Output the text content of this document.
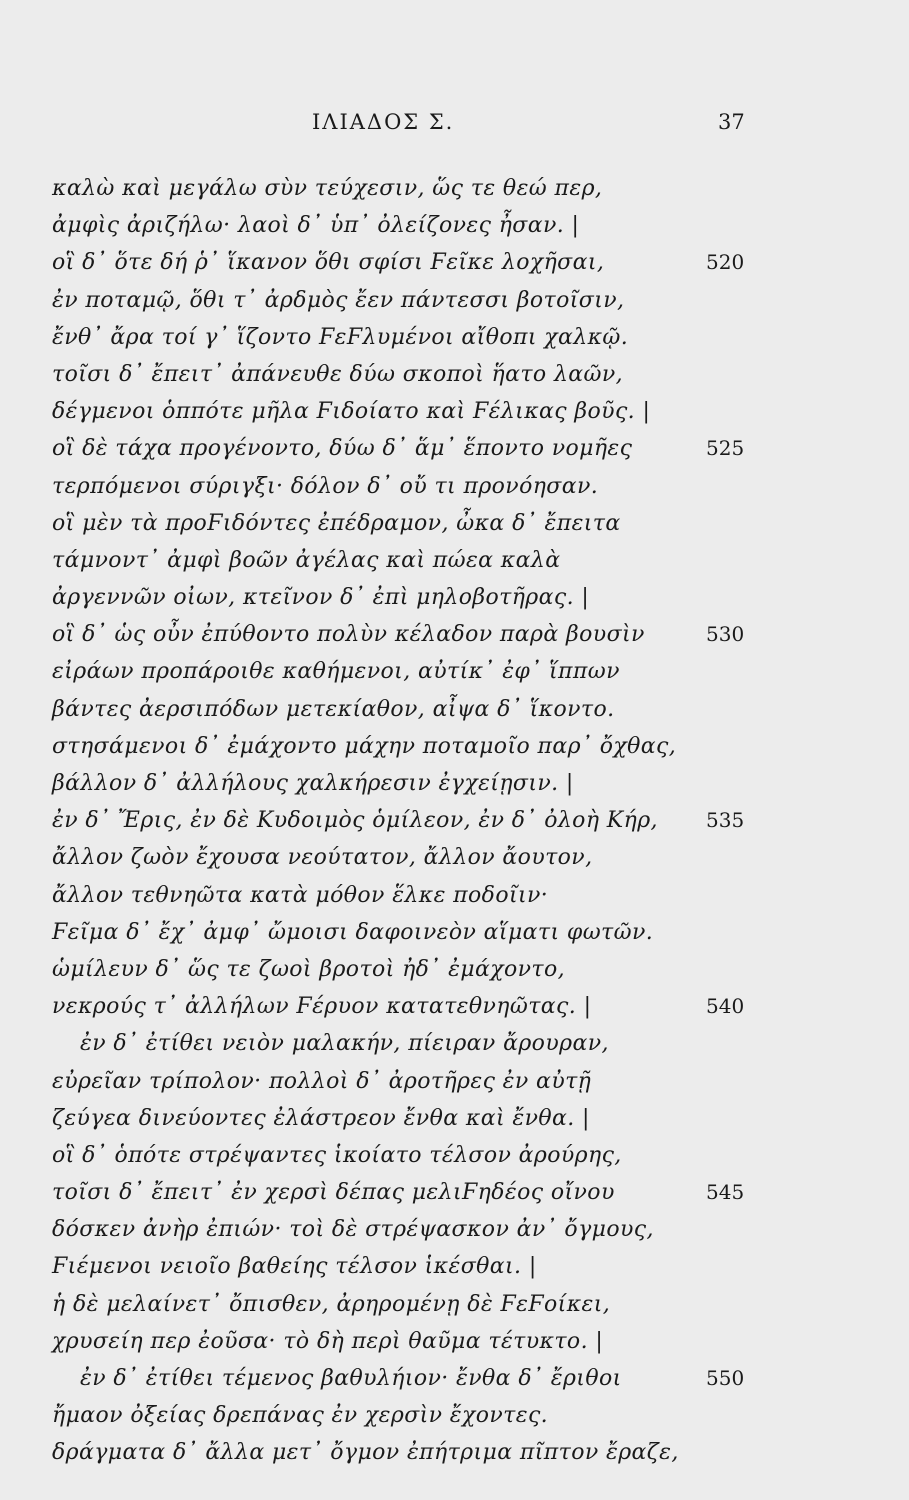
ΙΛΙΑΔΟΣ Σ.	37
καλὼ καὶ μεγάλω σὺν τεύχεσιν, ὥς τε θεώ περ,
ἀμφὶς ἀριζήλω· λαοὶ δ᾽ ὑπ᾽ ὀλείζονες ἦσαν. |
οἳ δ᾽ ὅτε δή ῥ᾽ ἵκανον ὅθι σφίσι Ϝεῖκε λοχῆσαι,	520
ἐν ποταμῷ, ὅθι τ᾽ ἀρδμὸς ἔεν πάντεσσι βοτοῖσιν,
ἔνθ᾽ ἄρα τοί γ᾽ ἵζοντο ϜεϜλυμένοι αἴθοπι χαλκῷ.
τοῖσι δ᾽ ἔπειτ᾽ ἀπάνευθε δύω σκοποὶ ἥατο λαῶν,
δέγμενοι ὁππότε μῆλα Ϝιδοίατο καὶ Ϝέλικας βοῦς. |
οἳ δὲ τάχα προγένοντο, δύω δ᾽ ἅμ᾽ ἕποντο νομῆες	525
τερπόμενοι σύριγξι· δόλον δ᾽ οὔ τι προνόησαν.
οἳ μὲν τὰ προϜιδόντες ἐπέδραμον, ὦκα δ᾽ ἔπειτα
τάμνοντ᾽ ἀμφὶ βοῶν ἀγέλας καὶ πώεα καλὰ
ἀργεννῶν οἰων, κτεῖνον δ᾽ ἐπὶ μηλοβοτῆρας. |
οἳ δ᾽ ὡς οὖν ἐπύθοντο πολὺν κέλαδον παρὰ βουσὶν	530
εἰράων προπάροιθε καθήμενοι, αὐτίκ᾽ ἐφ᾽ ἵππων
βάντες ἀερσιπόδων μετεκίαθον, αἶψα δ᾽ ἵκοντο.
στησάμενοι δ᾽ ἐμάχοντο μάχην ποταμοῖο παρ᾽ ὄχθας,
βάλλον δ᾽ ἀλλήλους χαλκήρεσιν ἐγχείῃσιν. |
ἐν δ᾽ Ἔρις, ἐν δὲ Κυδοιμὸς ὁμίλεον, ἐν δ᾽ ὀλοὴ Κήρ, 535
ἄλλον ζωὸν ἔχουσα νεούτατον, ἄλλον ἄουτον,
ἄλλον τεθνηῶτα κατὰ μόθον ἕλκε ποδοῖιν·
Ϝεῖμα δ᾽ ἔχ᾽ ἀμφ᾽ ὤμοισι δαφοινεὸν αἵματι φωτῶν.
ὡμίλευν δ᾽ ὥς τε ζωοὶ βροτοὶ ἠδ᾽ ἐμάχοντο,
νεκρούς τ᾽ ἀλλήλων Ϝέρυον κατατεθνηῶτας. |	540
ἐν δ᾽ ἐτίθει νειὸν μαλακήν, πίειραν ἄρουραν,
εὐρεῖαν τρίπολον· πολλοὶ δ᾽ ἀροτῆρες ἐν αὐτῇ
ζεύγεα δινεύοντες ἐλάστρεον ἔνθα καὶ ἔνθα. |
οἳ δ᾽ ὁπότε στρέψαντες ἱκοίατο τέλσον ἀρούρης,
τοῖσι δ᾽ ἔπειτ᾽ ἐν χερσὶ δέπας μελιϜηδέος οἴνου	545
δόσκεν ἀνὴρ ἐπιών· τοὶ δὲ στρέψασκον ἀν᾽ ὄγμους,
Ϝιέμενοι νειοῖο βαθείης τέλσον ἱκέσθαι. |
ἡ δὲ μελαίνετ᾽ ὄπισθεν, ἀρηρομένῃ δὲ ϜεϜοίκει,
χρυσείη περ ἐοῦσα· τὸ δὴ περὶ θαῦμα τέτυκτο. |
ἐν δ᾽ ἐτίθει τέμενος βαθυλήιον· ἔνθα δ᾽ ἔριθοι	550
ἤμαον ὀξείας δρεπάνας ἐν χερσὶν ἔχοντες.
δράγματα δ᾽ ἄλλα μετ᾽ ὄγμον ἐπήτριμα πῖπτον ἔραζε,
